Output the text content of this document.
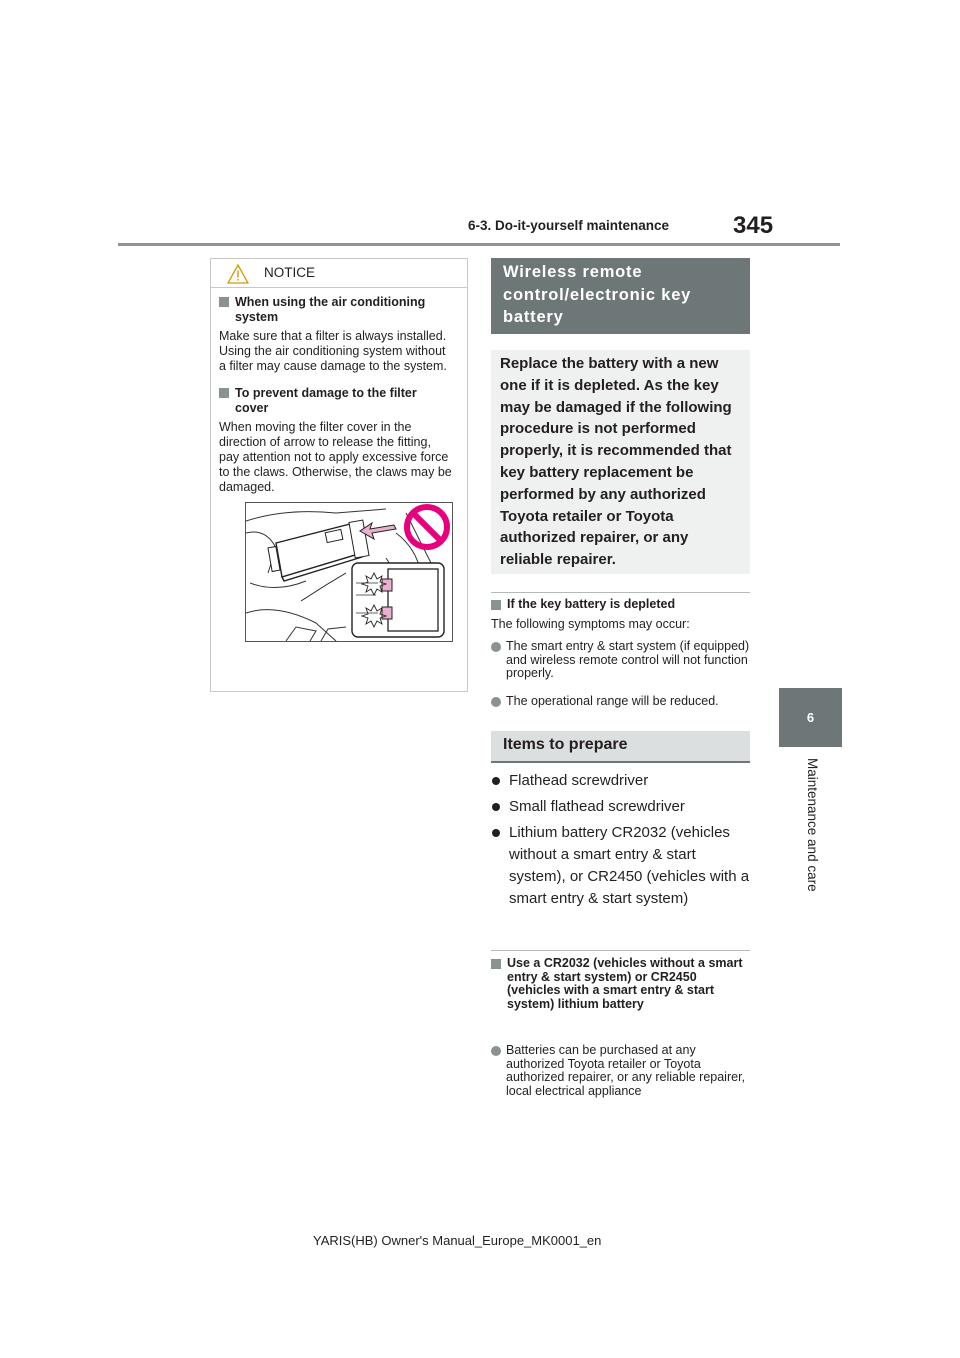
6-3. Do-it-yourself maintenance	345
6
Maintenance and care
NOTICE
When using the air conditioning system
Make sure that a filter is always installed. Using the air conditioning system without a filter may cause damage to the system.
To prevent damage to the filter cover
When moving the filter cover in the direction of arrow to release the fitting, pay attention not to apply excessive force to the claws. Otherwise, the claws may be damaged.
Wireless remote control/electronic key battery
Replace the battery with a new one if it is depleted. As the key may be damaged if the following procedure is not performed properly, it is recommended that key battery replacement be performed by any authorized Toyota retailer or Toyota authorized repairer, or any reliable repairer.
If the key battery is depleted
The following symptoms may occur:
The smart entry & start system (if equipped) and wireless remote control will not function properly.
The operational range will be reduced.
Items to prepare
Flathead screwdriver
Small flathead screwdriver
Lithium battery CR2032 (vehicles without a smart entry & start system), or CR2450 (vehicles with a smart entry & start system)
Use a CR2032 (vehicles without a smart entry & start system) or CR2450 (vehicles with a smart entry & start system) lithium battery
Batteries can be purchased at any authorized Toyota retailer or Toyota authorized repairer, or any reliable repairer, local electrical appliance
YARIS(HB) Owner's Manual_Europe_MK0001_en
